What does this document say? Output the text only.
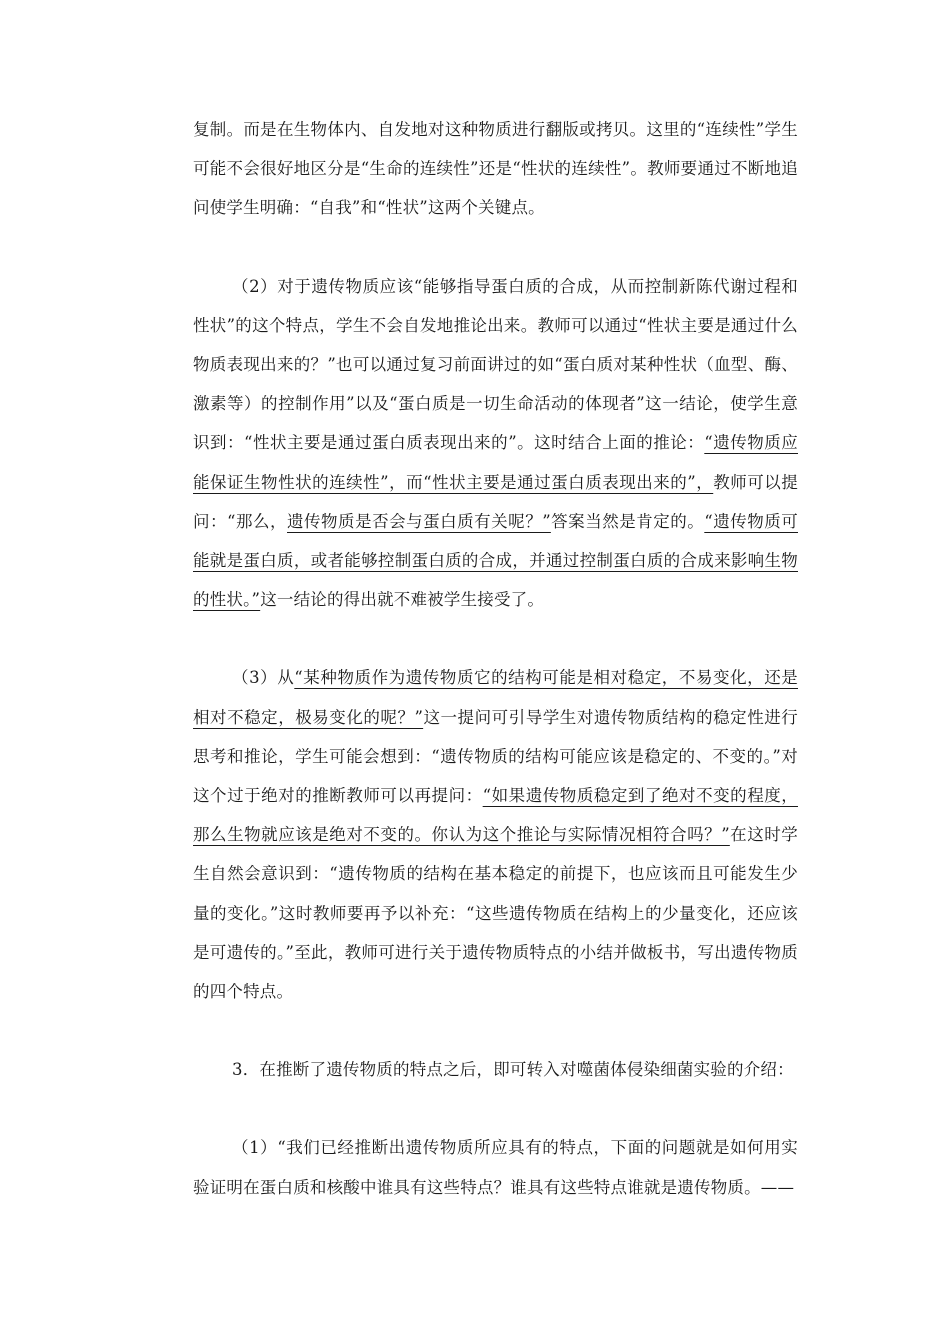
复制。而是在生物体内、自发地对这种物质进行翻版或拷贝。这里的“连续性”学生可能不会很好地区分是“生命的连续性”还是“性状的连续性”。教师要通过不断地追问使学生明确：“自我”和“性状”这两个关键点。

（2）对于遗传物质应该“能够指导蛋白质的合成，从而控制新陈代谢过程和性状”的这个特点，学生不会自发地推论出来。教师可以通过“性状主要是通过什么物质表现出来的？”也可以通过复习前面讲过的如“蛋白质对某种性状（血型、酶、激素等）的控制作用”以及“蛋白质是一切生命活动的体现者”这一结论，使学生意识到：“性状主要是通过蛋白质表现出来的”。这时结合上面的推论：“遗传物质应能保证生物性状的连续性”，而“性状主要是通过蛋白质表现出来的”，教师可以提问：“那么，遗传物质是否会与蛋白质有关呢？”答案当然是肯定的。“遗传物质可能就是蛋白质，或者能够控制蛋白质的合成，并通过控制蛋白质的合成来影响生物的性状。”这一结论的得出就不难被学生接受了。

（3）从“某种物质作为遗传物质它的结构可能是相对稳定，不易变化，还是相对不稳定，极易变化的呢？”这一提问可引导学生对遗传物质结构的稳定性进行思考和推论，学生可能会想到：“遗传物质的结构可能应该是稳定的、不变的。”对这个过于绝对的推断教师可以再提问：“如果遗传物质稳定到了绝对不变的程度，那么生物就应该是绝对不变的。你认为这个推论与实际情况相符合吗？”在这时学生自然会意识到：“遗传物质的结构在基本稳定的前提下，也应该而且可能发生少量的变化。”这时教师要再予以补充：“这些遗传物质在结构上的少量变化，还应该是可遗传的。”至此，教师可进行关于遗传物质特点的小结并做板书，写出遗传物质的四个特点。

3．在推断了遗传物质的特点之后，即可转入对噬菌体侵染细菌实验的介绍：

（1）“我们已经推断出遗传物质所应具有的特点，下面的问题就是如何用实验证明在蛋白质和核酸中谁具有这些特点？谁具有这些特点谁就是遗传物质。——
